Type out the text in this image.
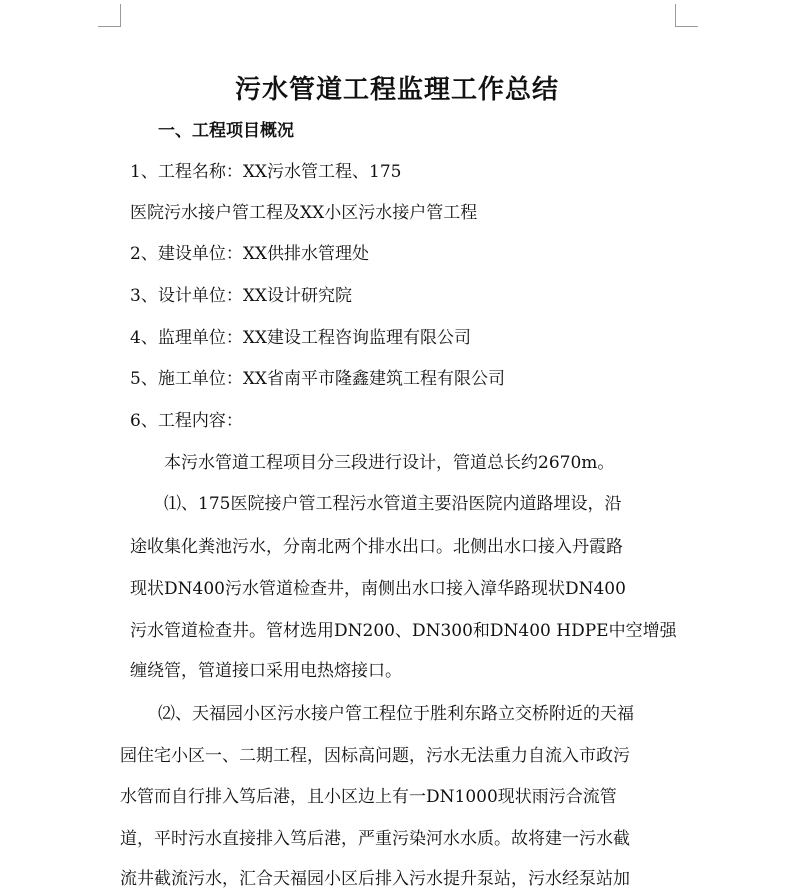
污水管道工程监理工作总结
一、工程项目概况
1、工程名称：XX污水管工程、175
医院污水接户管工程及XX小区污水接户管工程
2、建设单位：XX供排水管理处
3、设计单位：XX设计研究院
4、监理单位：XX建设工程咨询监理有限公司
5、施工单位：XX省南平市隆鑫建筑工程有限公司
6、工程内容：
本污水管道工程项目分三段进行设计，管道总长约2670m。
⑴、175医院接户管工程污水管道主要沿医院内道路埋设，沿
途收集化粪池污水，分南北两个排水出口。北侧出水口接入丹霞路
现状DN400污水管道检查井，南侧出水口接入漳华路现状DN400
污水管道检查井。管材选用DN200、DN300和DN400 HDPE中空增强
缠绕管，管道接口采用电热熔接口。
⑵、天福园小区污水接户管工程位于胜利东路立交桥附近的天福
园住宅小区一、二期工程，因标高问题，污水无法重力自流入市政污
水管而自行排入笃后港，且小区边上有一DN1000现状雨污合流管
道，平时污水直接排入笃后港，严重污染河水水质。故将建一污水截
流井截流污水，汇合天福园小区后排入污水提升泵站，污水经泵站加
